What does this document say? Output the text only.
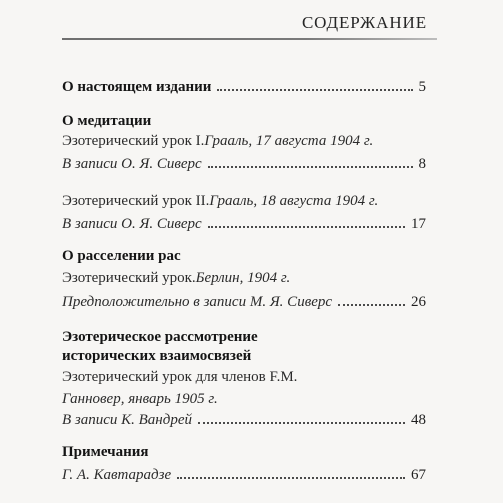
СОДЕРЖАНИЕ
О настоящем издании	5
О медитации
Эзотерический урок I. Грааль, 17 августа 1904 г.
В записи О. Я. Сиверс	8
Эзотерический урок II. Грааль, 18 августа 1904 г.
В записи О. Я. Сиверс	17
О расселении рас
Эзотерический урок. Берлин, 1904 г.
Предположительно в записи М. Я. Сиверс	26
Эзотерическое рассмотрение
исторических взаимосвязей
Эзотерический урок для членов F.M.
Ганновер, январь 1905 г.
В записи К. Вандрей	48
Примечания
Г. А. Кавтарадзе	67
